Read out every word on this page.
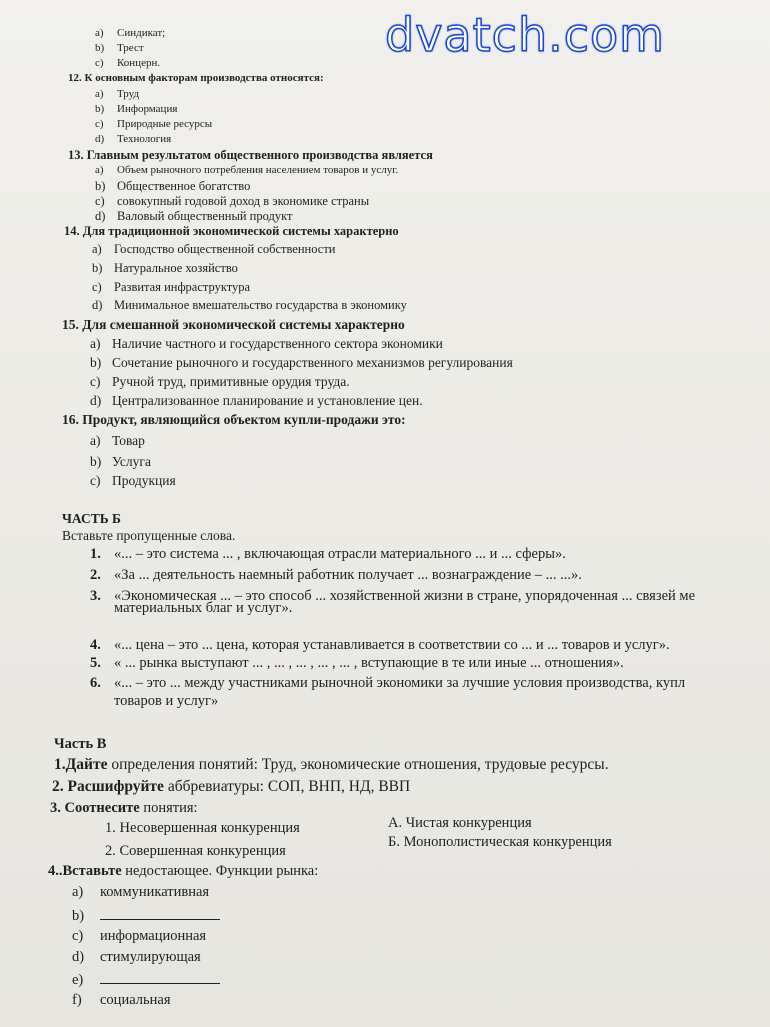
a) Синдикат;
b) Трест
c) Концерн.
12. К основным факторам производства относятся:
a) Труд
b) Информация
c) Природные ресурсы
d) Технология
13. Главным результатом общественного производства является
a) Объем рыночного потребления населением товаров и услуг.
b) Общественное богатство
c) совокупный годовой доход в экономике страны
d) Валовый общественный продукт
14. Для традиционной экономической системы характерно
a) Господство общественной собственности
b) Натуральное хозяйство
c) Развитая инфраструктура
d) Минимальное вмешательство государства в экономику
15. Для смешанной экономической системы характерно
a) Наличие частного и государственного сектора экономики
b) Сочетание рыночного и государственного механизмов регулирования
c) Ручной труд, примитивные орудия труда.
d) Централизованное планирование и установление цен.
16. Продукт, являющийся объектом купли-продажи это:
a) Товар
b) Услуга
c) Продукция
ЧАСТЬ Б
Вставьте пропущенные слова.
1. «... – это система ... , включающая отрасли материального ... и ... сферы».
2. «За ... деятельность наемный работник получает ... вознаграждение – ... ...».
3. «Экономическая ... – это способ ... хозяйственной жизни в стране, упорядоченная ... связей ме
материальных благ и услуг».
4. «... цена – это ... цена, которая устанавливается в соответствии со ... и ... товаров и услуг».
5. « ... рынка выступают ... , ... , ... , ... , ... , вступающие в те или иные ... отношения».
6. «... – это ... между участниками рыночной экономики за лучшие условия производства, купл
товаров и услуг»
Часть В
1.Дайте определения понятий: Труд, экономические отношения, трудовые ресурсы.
2. Расшифруйте аббревиатуры: СОП, ВНП, НД, ВВП
3. Соотнесите понятия:
1. Несовершенная конкуренция
2. Совершенная конкуренция
А. Чистая конкуренция
Б. Монополистическая конкуренция
4..Вставьте недостающее. Функции рынка:
a) коммуникативная
b)
c) информационная
d) стимулирующая
e)
f) социальная
dvatch.com
